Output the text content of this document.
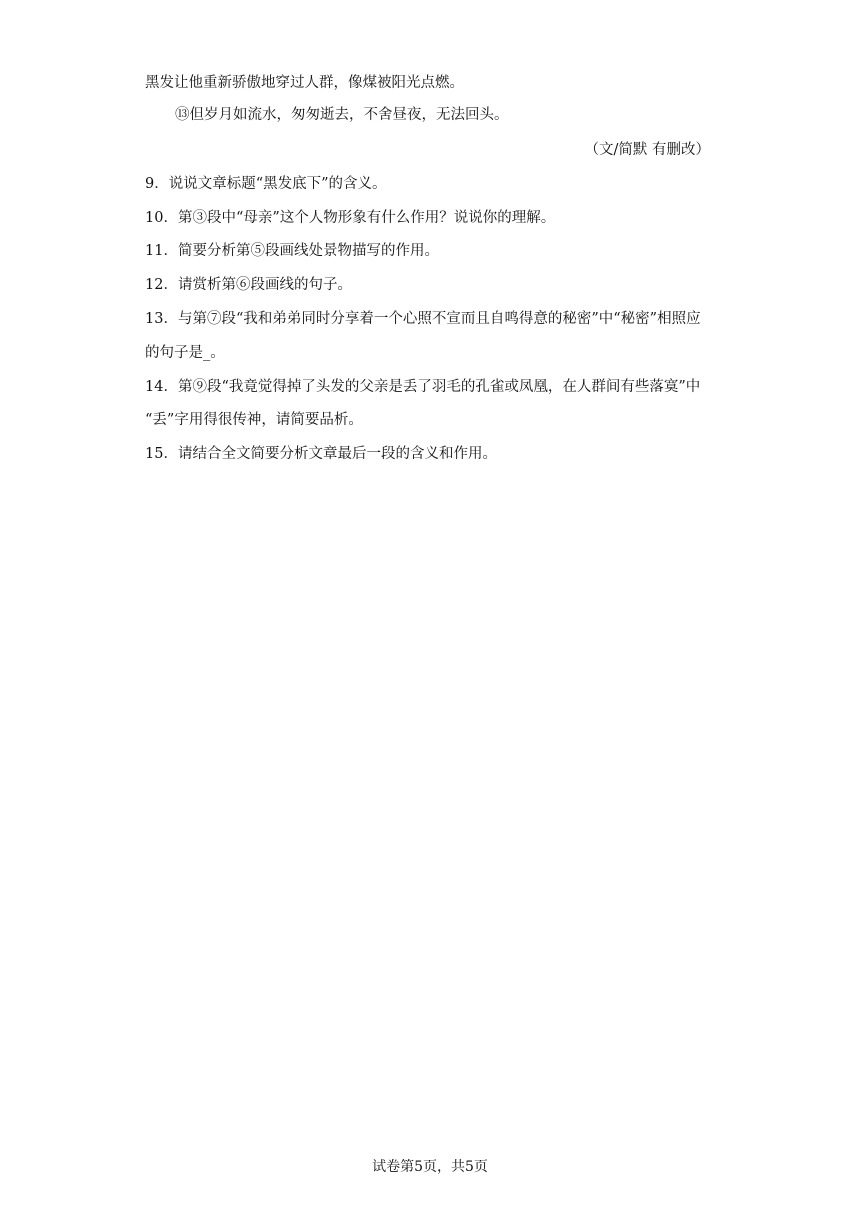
黑发让他重新骄傲地穿过人群，像煤被阳光点燃。
⑬但岁月如流水，匆匆逝去，不舍昼夜，无法回头。
（文/简默 有删改）
9．说说文章标题“黑发底下”的含义。
10．第③段中“母亲”这个人物形象有什么作用？说说你的理解。
11．简要分析第⑤段画线处景物描写的作用。
12．请赏析第⑥段画线的句子。
13．与第⑦段“我和弟弟同时分享着一个心照不宣而且自鸣得意的秘密”中“秘密”相照应
的句子是_。
14．第⑨段“我竟觉得掉了头发的父亲是丢了羽毛的孔雀或凤凰，在人群间有些落寞”中
“丢”字用得很传神，请简要品析。
15．请结合全文简要分析文章最后一段的含义和作用。
试卷第5页，共5页
